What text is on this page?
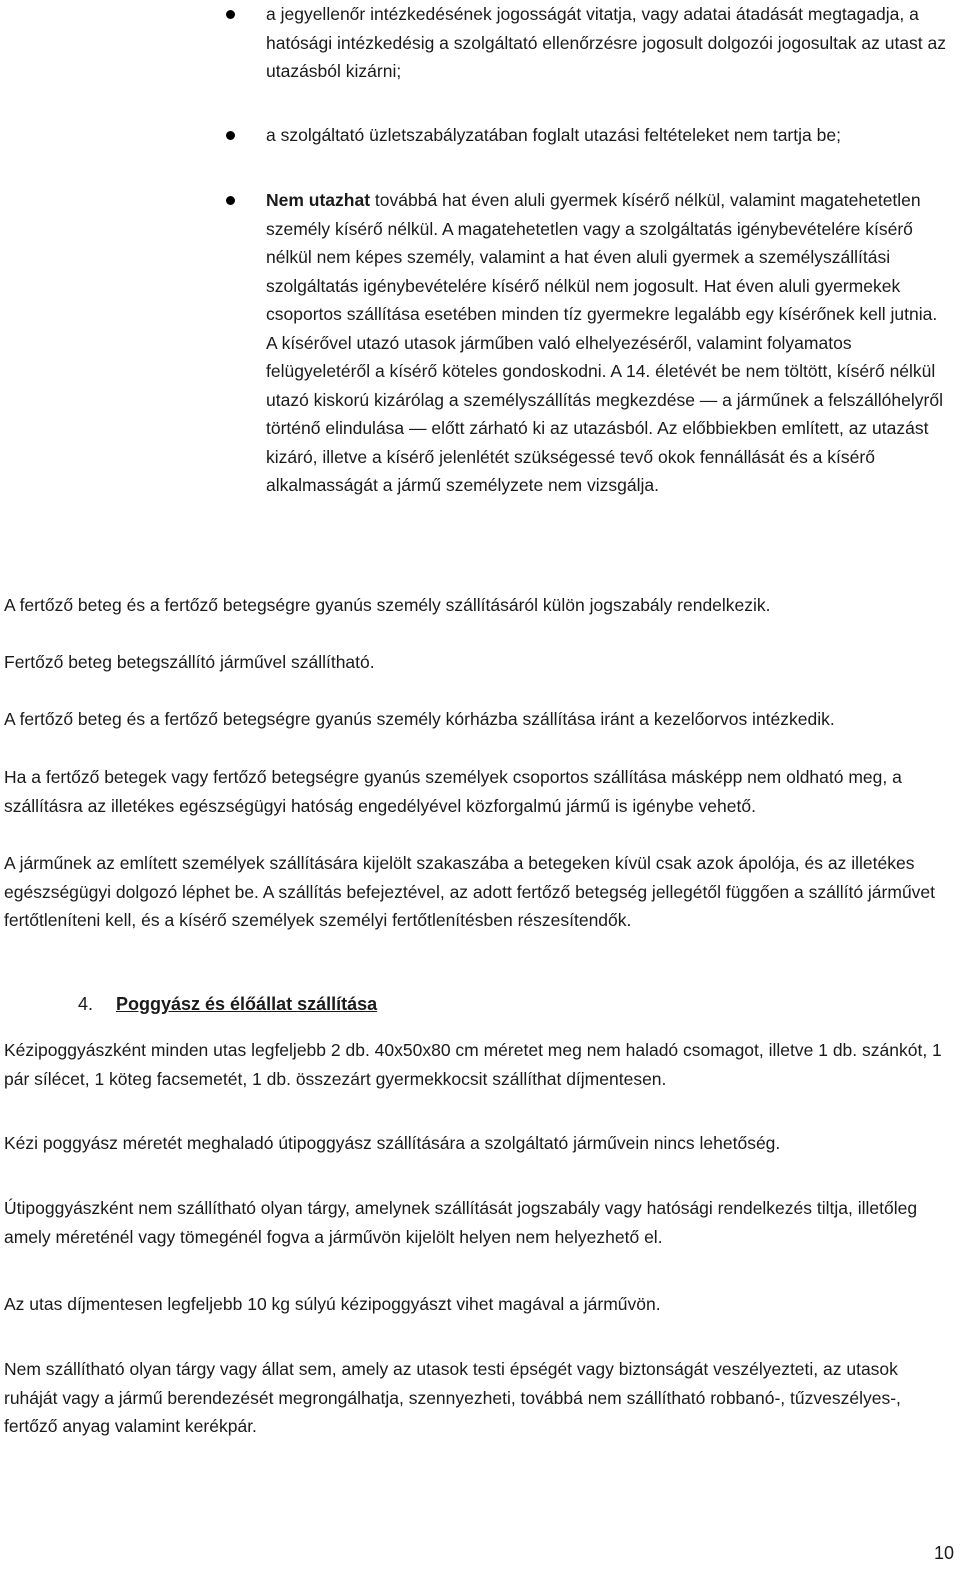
a jegyellenőr intézkedésének jogosságát vitatja, vagy adatai átadását megtagadja, a hatósági intézkedésig a szolgáltató ellenőrzésre jogosult dolgozói jogosultak az utast az utazásból kizárni;
a szolgáltató üzletszabályzatában foglalt utazási feltételeket nem tartja be;
Nem utazhat továbbá hat éven aluli gyermek kísérő nélkül, valamint magatehetetlen személy kísérő nélkül. A magatehetetlen vagy a szolgáltatás igénybevételére kísérő nélkül nem képes személy, valamint a hat éven aluli gyermek a személyszállítási szolgáltatás igénybevételére kísérő nélkül nem jogosult. Hat éven aluli gyermekek csoportos szállítása esetében minden tíz gyermekre legalább egy kísérőnek kell jutnia. A kísérővel utazó utasok járműben való elhelyezéséről, valamint folyamatos felügyeletéről a kísérő köteles gondoskodni. A 14. életévét be nem töltött, kísérő nélkül utazó kiskorú kizárólag a személyszállítás megkezdése — a járműnek a felszállóhelyről történő elindulása — előtt zárható ki az utazásból. Az előbbiekben említett, az utazást kizáró, illetve a kísérő jelenlétét szükségessé tevő okok fennállását és a kísérő alkalmasságát a jármű személyzete nem vizsgálja.

A fertőző beteg és a fertőző betegségre gyanús személy szállításáról külön jogszabály rendelkezik.

Fertőző beteg betegszállító járművel szállítható.

A fertőző beteg és a fertőző betegségre gyanús személy kórházba szállítása iránt a kezelőorvos intézkedik.

Ha a fertőző betegek vagy fertőző betegségre gyanús személyek csoportos szállítása másképp nem oldható meg, a szállításra az illetékes egészségügyi hatóság engedélyével közforgalmú jármű is igénybe vehető.

A járműnek az említett személyek szállítására kijelölt szakaszába a betegeken kívül csak azok ápolója, és az illetékes egészségügyi dolgozó léphet be. A szállítás befejeztével, az adott fertőző betegség jellegétől függően a szállító járművet fertőtleníteni kell, és a kísérő személyek személyi fertőtlenítésben részesítendők.

4. Poggyász és élőállat szállítása

Kézipoggyászként minden utas legfeljebb 2 db. 40x50x80 cm méretet meg nem haladó csomagot, illetve 1 db. szánkót, 1 pár sílécet, 1 köteg facsemetét, 1 db. összezárt gyermekkocsit szállíthat díjmentesen.

Kézi poggyász méretét meghaladó útipoggyász szállítására a szolgáltató járművein nincs lehetőség.

Útipoggyászként nem szállítható olyan tárgy, amelynek szállítását jogszabály vagy hatósági rendelkezés tiltja, illetőleg amely méreténél vagy tömegénél fogva a járművön kijelölt helyen nem helyezhető el.

Az utas díjmentesen legfeljebb 10 kg súlyú kézipoggyászt vihet magával a járművön.

Nem szállítható olyan tárgy vagy állat sem, amely az utasok testi épségét vagy biztonságát veszélyezteti, az utasok ruháját vagy a jármű berendezését megrongálhatja, szennyezheti, továbbá nem szállítható robbanó-, tűzveszélyes-, fertőző anyag valamint kerékpár.

10
